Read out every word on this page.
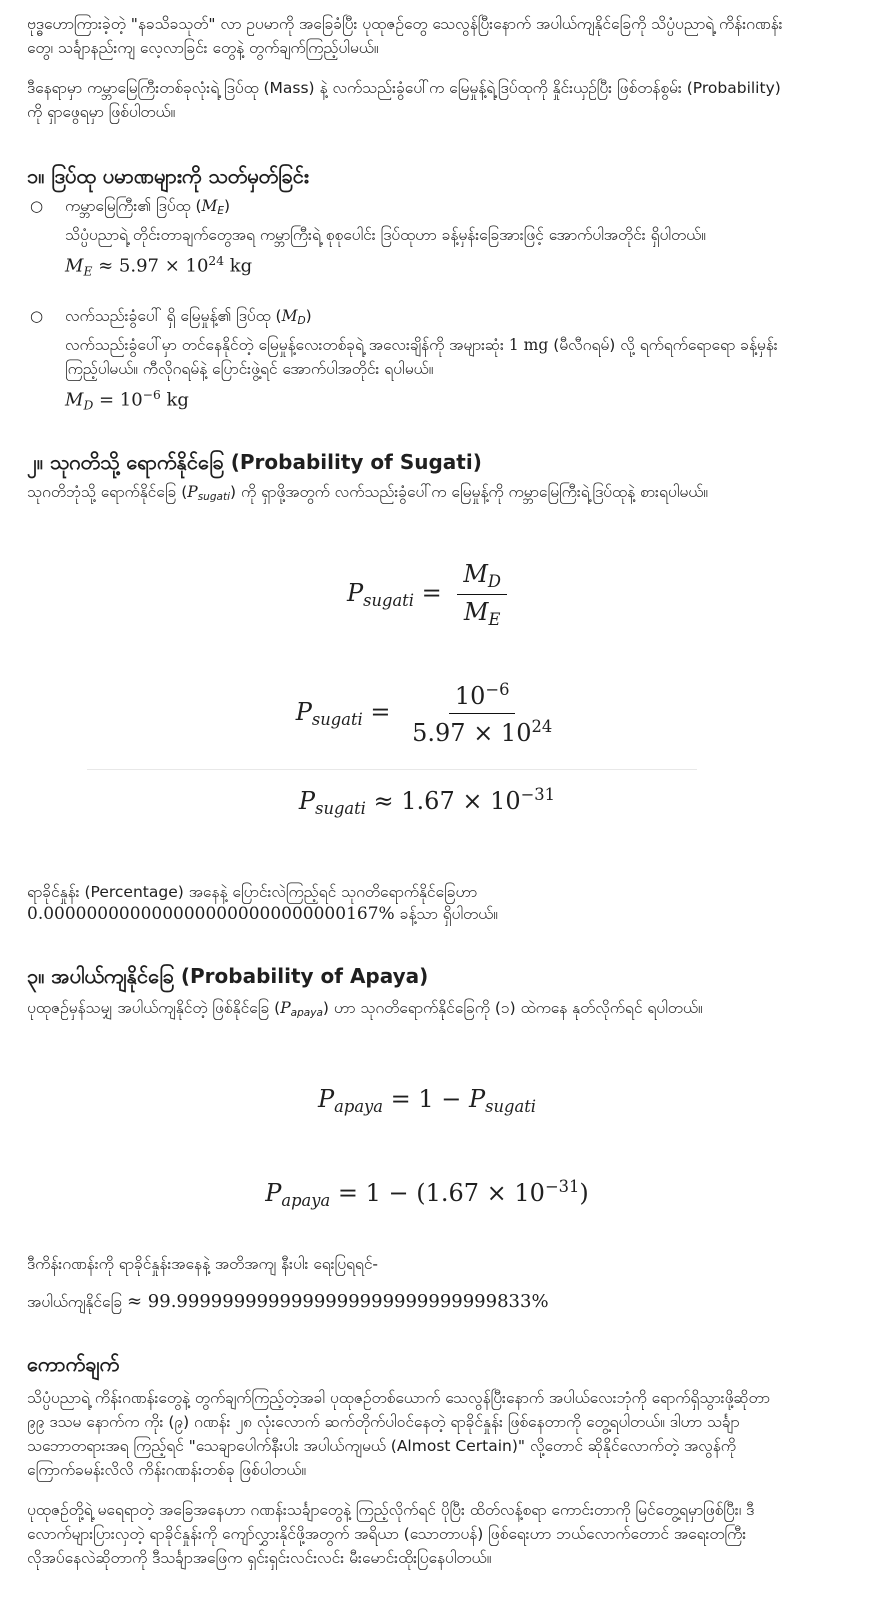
ဗုဒ္ဓဟောကြားခဲ့တဲ့ "နခသိခသုတ်" လာ ဥပမာကို အခြေခံပြီး ပုထုဇဉ်တွေ သေလွန်ပြီးနောက် အပါယ်ကျနိုင်ခြေကို သိပ္ပံပညာရဲ့ ကိန်းဂဏန်းတွေ၊ သင်္ချာနည်းကျ လေ့လာခြင်း တွေနဲ့ တွက်ချက်ကြည့်ပါမယ်။

ဒီနေရာမှာ ကမ္ဘာမြေကြီးတစ်ခုလုံးရဲ့ ဒြပ်ထု (Mass) နဲ့ လက်သည်းခွံပေါ်က မြေမှုန့်ရဲ့ဒြပ်ထုကို နှိုင်းယှဉ်ပြီး ဖြစ်တန်စွမ်း (Probability) ကို ရှာဖွေရမှာ ဖြစ်ပါတယ်။

၁။ ဒြပ်ထု ပမာဏများကို သတ်မှတ်ခြင်း
○ ကမ္ဘာမြေကြီး၏ ဒြပ်ထု $(M_E)$

သိပ္ပံပညာရဲ့ တိုင်းတာချက်တွေအရ ကမ္ဘာကြီးရဲ့ စုစုပေါင်း ဒြပ်ထုဟာ ခန့်မှန်းခြေအားဖြင့် အောက်ပါအတိုင်း ရှိပါတယ်။

$M_E \approx 5.97 \times 10^{24}$ kg
○ လက်သည်းခွံပေါ် ရှိ မြေမှုန့်၏ ဒြပ်ထု $(M_D)$

လက်သည်းခွံပေါ်မှာ တင်နေနိုင်တဲ့ မြေမှုန့်လေးတစ်ခုရဲ့ အလေးချိန်ကို အများဆုံး 1 mg (မီလီဂရမ်) လို့ ရက်ရက်ရောရော ခန့်မှန်းကြည့်ပါမယ်။ ကီလိုဂရမ်နဲ့ ပြောင်းဖွဲ့ရင် အောက်ပါအတိုင်း ရပါမယ်။

$M_D = 10^{-6}$ kg
၂။ သုဂတိသို့ ရောက်နိုင်ခြေ (Probability of Sugati)

သုဂတိဘုံသို့ ရောက်နိုင်ခြေ $(P_{sugati})$ ကို ရှာဖို့အတွက် လက်သည်းခွံပေါ်က မြေမှုန့်ကို ကမ္ဘာမြေကြီးရဲ့ဒြပ်ထုနဲ့ စားရပါမယ်။

$P_{sugati} = \frac{M_D}{M_E}$
$P_{sugati} = \frac{10^{-6}}{5.97 \times 10^{24}}$
$P_{sugati} \approx 1.67 \times 10^{-31}$

ရာခိုင်နှုန်း (Percentage) အနေနဲ့ ပြောင်းလဲကြည့်ရင် သုဂတိရောက်နိုင်ခြေဟာ

0.0000000000000000000000000000167% ခန့်သာ ရှိပါတယ်။
၃။ အပါယ်ကျနိုင်ခြေ (Probability of Apaya)

ပုထုဇဉ်မှန်သမျှ အပါယ်ကျနိုင်တဲ့ ဖြစ်နိုင်ခြေ $(P_{apaya})$ ဟာ သုဂတိရောက်နိုင်ခြေကို (၁) ထဲကနေ နုတ်လိုက်ရင် ရပါတယ်။

$P_{apaya} = 1 - P_{sugati}$
$P_{apaya} = 1 - (1.67 \times 10^{-31})$

ဒီကိန်းဂဏန်းကို ရာခိုင်နှုန်းအနေနဲ့ အတိအကျ နီးပါး ရေးပြရရင်-

အပါယ်ကျနိုင်ခြေ ≈ 99.9999999999999999999999999999833%
ကောက်ချက်

သိပ္ပံပညာရဲ့ ကိန်းဂဏန်းတွေနဲ့ တွက်ချက်ကြည့်တဲ့အခါ ပုထုဇဉ်တစ်ယောက် သေလွန်ပြီးနောက် အပါယ်လေးဘုံကို ရောက်ရှိသွားဖို့ဆိုတာ ၉၉ ဒသမ နောက်က ကိုး (၉) ဂဏန်း ၂၈ လုံးလောက် ဆက်တိုက်ပါဝင်နေတဲ့ ရာခိုင်နှုန်း ဖြစ်နေတာကို တွေ့ရပါတယ်။ ဒါဟာ သင်္ချာသဘောတရားအရ ကြည့်ရင် "သေချာပေါက်နီးပါး အပါယ်ကျမယ် (Almost Certain)" လို့တောင် ဆိုနိုင်လောက်တဲ့ အလွန်ကို ကြောက်ခမန်းလိလိ ကိန်းဂဏန်းတစ်ခု ဖြစ်ပါတယ်။

ပုထုဇဉ်တို့ရဲ့ မရေရာတဲ့ အခြေအနေဟာ ဂဏန်းသင်္ချာတွေနဲ့ ကြည့်လိုက်ရင် ပိုပြီး ထိတ်လန့်စရာ ကောင်းတာကို မြင်တွေ့ရမှာဖြစ်ပြီး၊ ဒီလောက်များပြားလှတဲ့ ရာခိုင်နှုန်းကို ကျော်လွှားနိုင်ဖို့အတွက် အရိယာ (သောတာပန်) ဖြစ်ရေးဟာ ဘယ်လောက်တောင် အရေးတကြီး လိုအပ်နေလဲဆိုတာကို ဒီသင်္ချာအဖြေက ရှင်းရှင်းလင်းလင်း မီးမောင်းထိုးပြနေပါတယ်။
